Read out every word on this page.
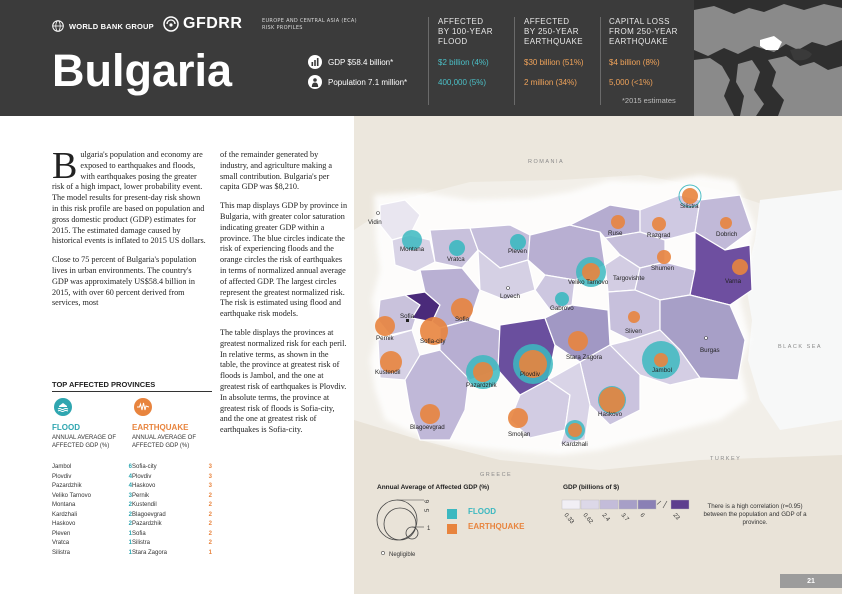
WORLD BANK GROUP GFDRR	EUROPE AND CENTRAL ASIA (ECA)
RISK PROFILES
Bulgaria	GDP $58.4 billion*
Population 7.1 million*
AFFECTED
BY 100-YEAR
FLOOD
$2 billion (4%)
400,000 (5%)
AFFECTED
BY 250-YEAR
EARTHQUAKE
$30 billion (51%)
2 million (34%)
CAPITAL LOSS
FROM 250-YEAR
EARTHQUAKE
$4 billion (8%)
5,000 (<1%)
*2015 estimates

Bulgaria's population and economy are exposed to earthquakes and floods, with earthquakes posing the greater risk of a high impact, lower probability event. The model results for present-day risk shown in this risk profile are based on population and gross domestic product (GDP) estimates for 2015. The estimated damage caused by historical events is inflated to 2015 US dollars.

Close to 75 percent of Bulgaria's population lives in urban environments. The country's GDP was approximately US$58.4 billion in 2015, with over 60 percent derived from services, most

of the remainder generated by industry, and agriculture making a small contribution. Bulgaria's per capita GDP was $8,210.

This map displays GDP by province in Bulgaria, with greater color saturation indicating greater GDP within a province. The blue circles indicate the risk of experiencing floods and the orange circles the risk of earthquakes in terms of normalized annual average of affected GDP. The largest circles represent the greatest normalized risk. The risk is estimated using flood and earthquake risk models.

The table displays the provinces at greatest normalized risk for each peril. In relative terms, as shown in the table, the province at greatest risk of floods is Jambol, and the one at greatest risk of earthquakes is Plovdiv. In absolute terms, the province at greatest risk of floods is Sofia-city, and the one at greatest risk of earthquakes is Sofia-city.

TOP AFFECTED PROVINCES
FLOOD	EARTHQUAKE
ANNUAL AVERAGE OF
AFFECTED GDP (%)
ANNUAL AVERAGE OF
AFFECTED GDP (%)
Jambol	6
Plovdiv	4
Pazardzhik	4
Veliko Tarnovo	3
Montana	2
Kardzhali	2
Haskovo	2
Pleven	1
Vratca	1
Silistra	1
Sofia-city	3
Plovdiv	3
Haskovo	3
Pernik	2
Kustendil	2
Blagoevgrad	2
Pazardzhik	2
Sofia	2
Silistra	2
Stara Zagora	1
ROMANIA
BLACK SEA
TURKEY
GREECE
Vidin
Montana
Vratca
Pleven
Lovech
Gabrovo
Veliko Tarnovo
Ruse	Razgrad
Silistra
Dobrich
Shumen
Targovishte	Varna
Sofia	Sofia
Sofia-city
Pernik
Kustendil
Pazardzhik
Plovdiv
Stara Zagora
Sliven
Burgas
Jambol
Haskovo
Smoljan
Kardzhali
Blagoevgrad
6
5
1
Negligible
0.33 0.62 2.4 3.7 6	23
Annual Average of Affected GDP (%)
FLOOD
EARTHQUAKE
GDP (billions of $)
There is a high correlation (r=0.95) between the population and GDP of a province.
21
